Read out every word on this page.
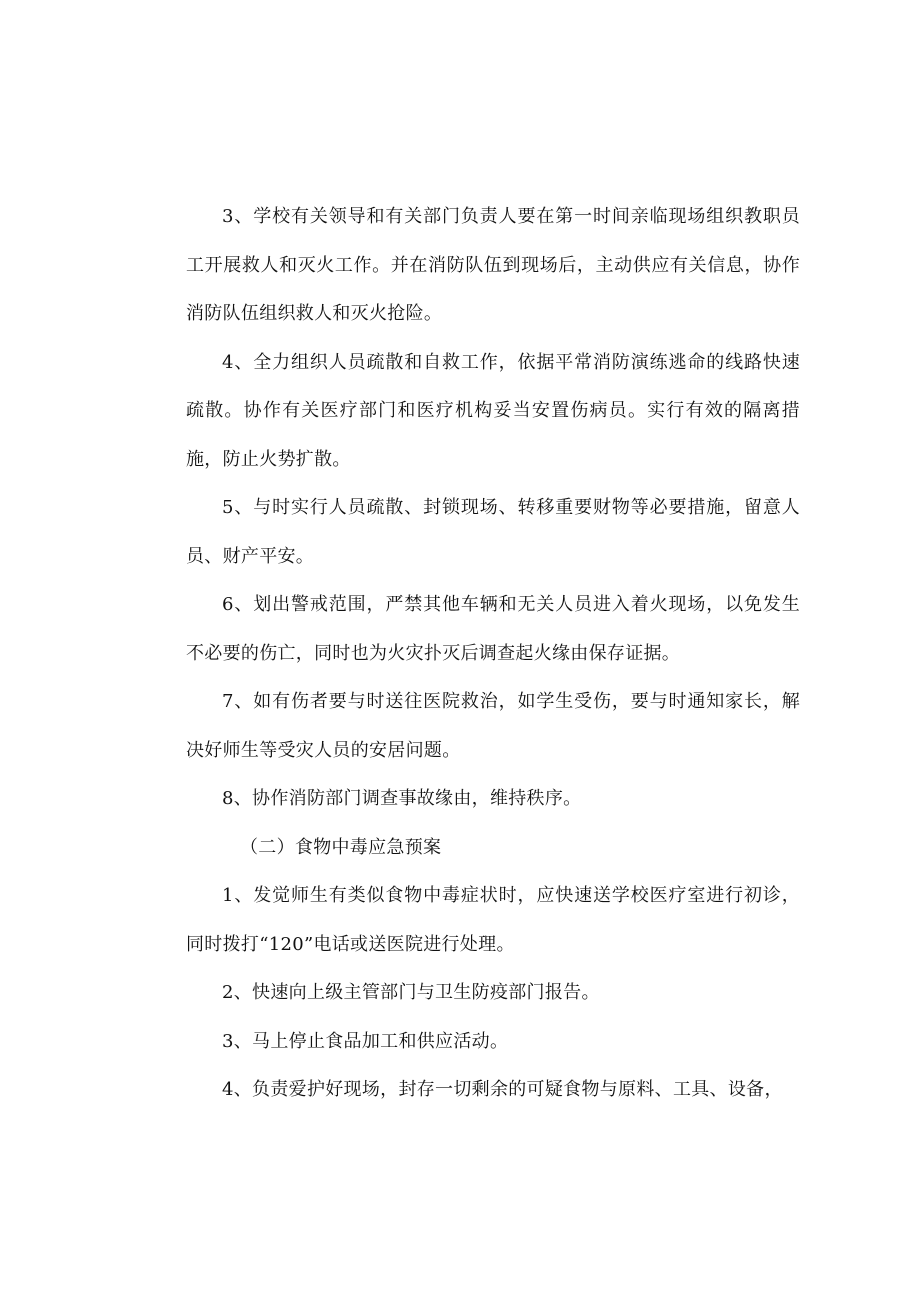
3、学校有关领导和有关部门负责人要在第一时间亲临现场组织教职员工开展救人和灭火工作。并在消防队伍到现场后，主动供应有关信息，协作消防队伍组织救人和灭火抢险。

4、全力组织人员疏散和自救工作，依据平常消防演练逃命的线路快速疏散。协作有关医疗部门和医疗机构妥当安置伤病员。实行有效的隔离措施，防止火势扩散。

5、与时实行人员疏散、封锁现场、转移重要财物等必要措施，留意人员、财产平安。

6、划出警戒范围，严禁其他车辆和无关人员进入着火现场，以免发生不必要的伤亡，同时也为火灾扑灭后调查起火缘由保存证据。

7、如有伤者要与时送往医院救治，如学生受伤，要与时通知家长，解决好师生等受灾人员的安居问题。

8、协作消防部门调查事故缘由，维持秩序。

（二）食物中毒应急预案

1、发觉师生有类似食物中毒症状时，应快速送学校医疗室进行初诊，同时拨打“120”电话或送医院进行处理。

2、快速向上级主管部门与卫生防疫部门报告。

3、马上停止食品加工和供应活动。

4、负责爱护好现场，封存一切剩余的可疑食物与原料、工具、设备，
